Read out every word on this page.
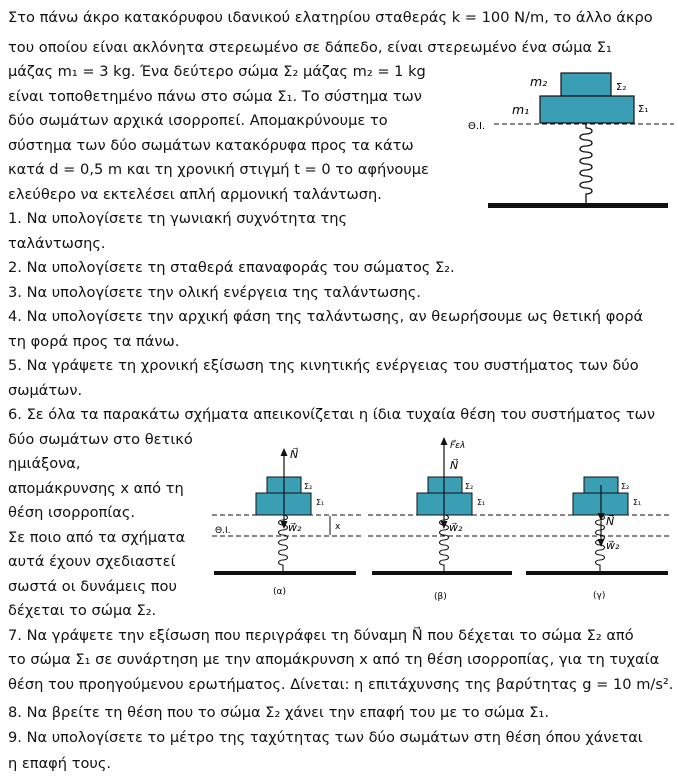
Στο πάνω άκρο κατακόρυφου ιδανικού ελατηρίου σταθεράς k = 100 N/m, το άλλο άκρο
του οποίου είναι ακλόνητα στερεωμένο σε δάπεδο, είναι στερεωμένο ένα σώμα Σ₁
μάζας m₁ = 3 kg. Ένα δεύτερο σώμα Σ₂ μάζας m₂ = 1 kg
είναι τοποθετημένο πάνω στο σώμα Σ₁. Το σύστημα των
δύο σωμάτων αρχικά ισορροπεί. Απομακρύνουμε το
σύστημα των δύο σωμάτων κατακόρυφα προς τα κάτω
κατά d = 0,5 m και τη χρονική στιγμή t = 0 το αφήνουμε
ελεύθερο να εκτελέσει απλή αρμονική ταλάντωση.
1. Να υπολογίσετε τη γωνιακή συχνότητα της
ταλάντωσης.
2. Να υπολογίσετε τη σταθερά επαναφοράς του σώματος Σ₂.
3. Να υπολογίσετε την ολική ενέργεια της ταλάντωσης.
4. Να υπολογίσετε την αρχική φάση της ταλάντωσης, αν θεωρήσουμε ως θετική φορά
τη φορά προς τα πάνω.
5. Να γράψετε τη χρονική εξίσωση της κινητικής ενέργειας του συστήματος των δύο
σωμάτων.
6. Σε όλα τα παρακάτω σχήματα απεικονίζεται η ίδια τυχαία θέση του συστήματος των
δύο σωμάτων στο θετικό
ημιάξονα,
απομάκρυνσης x από τη
θέση ισορροπίας.
Σε ποιο από τα σχήματα
αυτά έχουν σχεδιαστεί
σωστά οι δυνάμεις που
δέχεται το σώμα Σ₂.
7. Να γράψετε την εξίσωση που περιγράφει τη δύναμη N⃗ που δέχεται το σώμα Σ₂ από
το σώμα Σ₁ σε συνάρτηση με την απομάκρυνση x από τη θέση ισορροπίας, για τη τυχαία
θέση του προηγούμενου ερωτήματος. Δίνεται: η επιτάχυνσης της βαρύτητας g = 10 m/s².
8. Να βρείτε τη θέση που το σώμα Σ₂ χάνει την επαφή του με το σώμα Σ₁.
9. Να υπολογίσετε το μέτρο της ταχύτητας των δύο σωμάτων στη θέση όπου χάνεται
η επαφή τους.
m₂
m₁
Σ₂
Σ₁
Θ.Ι.
N⃗
Σ₂
Σ₁
w⃗₂	x
Θ.Ι.
(α)
F⃗ελ
N⃗
Σ₂
Σ₁
w⃗₂
(β)
Σ₂
Σ₁
N⃗
w⃗₂
(γ)
